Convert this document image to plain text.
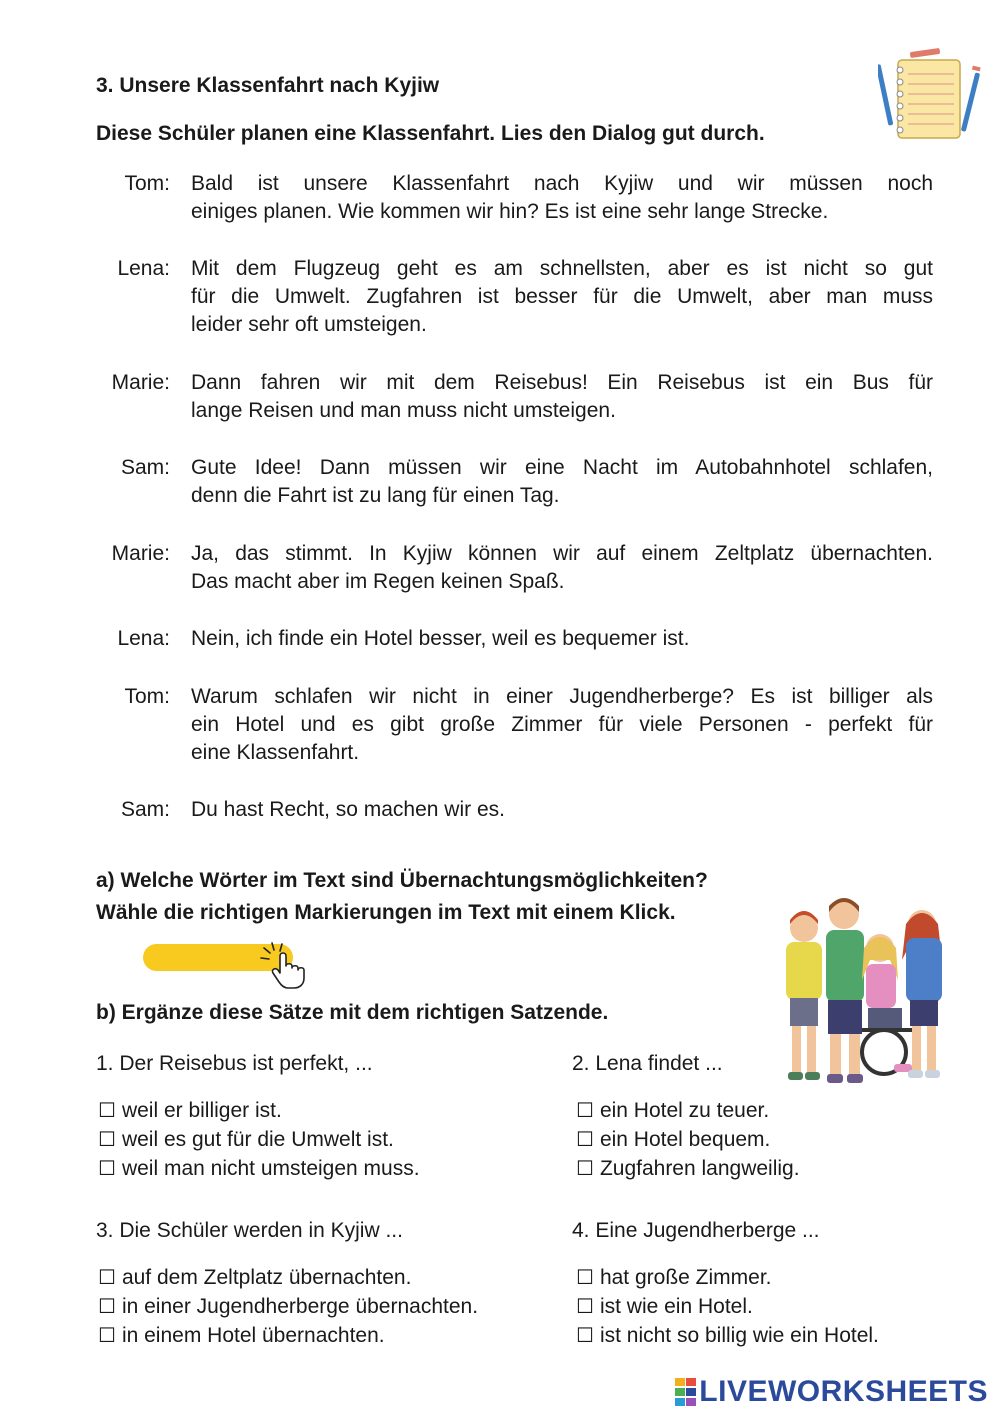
3. Unsere Klassenfahrt nach Kyjiw
Diese Schüler planen eine Klassenfahrt. Lies den Dialog gut durch.
Tom: Bald ist unsere Klassenfahrt nach Kyjiw und wir müssen noch
einiges planen. Wie kommen wir hin? Es ist eine sehr lange Strecke.
Lena: Mit dem Flugzeug geht es am schnellsten, aber es ist nicht so gut
für die Umwelt. Zugfahren ist besser für die Umwelt, aber man muss
leider sehr oft umsteigen.
Marie: Dann fahren wir mit dem Reisebus! Ein Reisebus ist ein Bus für
lange Reisen und man muss nicht umsteigen.
Sam: Gute Idee! Dann müssen wir eine Nacht im Autobahnhotel schlafen,
denn die Fahrt ist zu lang für einen Tag.
Marie: Ja, das stimmt. In Kyjiw können wir auf einem Zeltplatz übernachten.
Das macht aber im Regen keinen Spaß.
Lena: Nein, ich finde ein Hotel besser, weil es bequemer ist.
Tom: Warum schlafen wir nicht in einer Jugendherberge? Es ist billiger als
ein Hotel und es gibt große Zimmer für viele Personen - perfekt für
eine Klassenfahrt.
Sam: Du hast Recht, so machen wir es.
a) Welche Wörter im Text sind Übernachtungsmöglichkeiten?
Wähle die richtigen Markierungen im Text mit einem Klick.
b) Ergänze diese Sätze mit dem richtigen Satzende.
1. Der Reisebus ist perfekt, ...
☐ weil er billiger ist.
☐ weil es gut für die Umwelt ist.
☐ weil man nicht umsteigen muss.
2. Lena findet ...
☐ ein Hotel zu teuer.
☐ ein Hotel bequem.
☐ Zugfahren langweilig.
3. Die Schüler werden in Kyjiw ...
☐ auf dem Zeltplatz übernachten.
☐ in einer Jugendherberge übernachten.
☐ in einem Hotel übernachten.
4. Eine Jugendherberge ...
☐ hat große Zimmer.
☐ ist wie ein Hotel.
☐ ist nicht so billig wie ein Hotel.
LIVEWORKSHEETS
